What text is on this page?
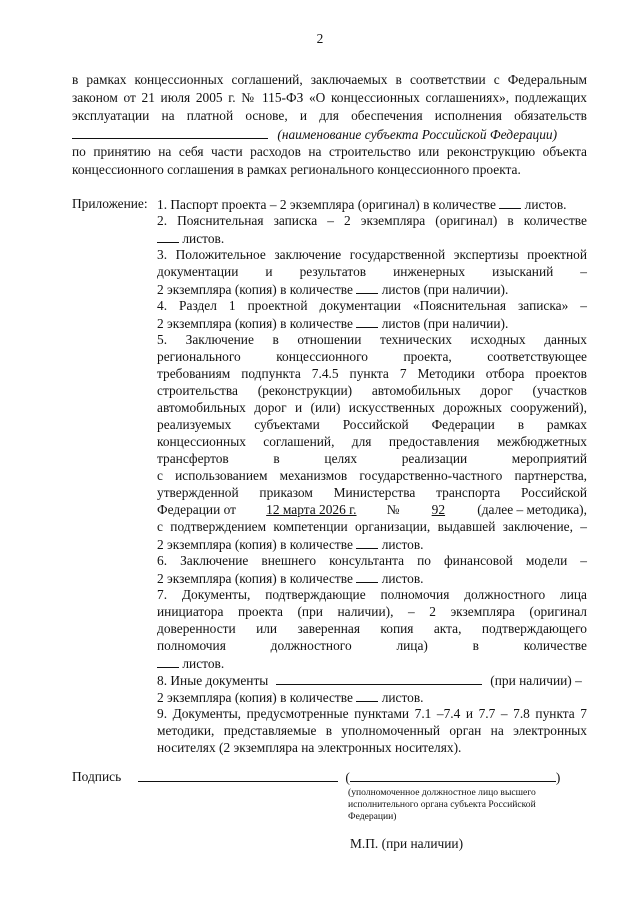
2
в рамках концессионных соглашений, заключаемых в соответствии с Федеральным
законом от 21 июля 2005 г. № 115-ФЗ «О концессионных соглашениях», подлежащих
эксплуатации на платной основе, и для обеспечения исполнения обязательств
(наименование субъекта Российской Федерации)
по принятию на себя части расходов на строительство или реконструкцию объекта
концессионного соглашения в рамках регионального концессионного проекта.
Приложение: 1. Паспорт проекта – 2 экземпляра (оригинал) в количестве листов.
2. Пояснительная записка – 2 экземпляра (оригинал) в количестве
листов.
3. Положительное заключение государственной экспертизы проектной
документации и результатов инженерных изысканий –
2 экземпляра (копия) в количестве листов (при наличии).
4. Раздел 1 проектной документации «Пояснительная записка» –
2 экземпляра (копия) в количестве листов (при наличии).
5. Заключение в отношении технических исходных данных
регионального концессионного проекта, соответствующее
требованиям подпункта 7.4.5 пункта 7 Методики отбора проектов
строительства (реконструкции) автомобильных дорог (участков
автомобильных дорог и (или) искусственных дорожных сооружений),
реализуемых субъектами Российской Федерации в рамках
концессионных соглашений, для предоставления межбюджетных
трансфертов в целях реализации мероприятий
с использованием механизмов государственно-частного партнерства,
утвержденной приказом Министерства транспорта Российской
Федерации от 12 марта 2026 г. №	92	(далее – методика),
с подтверждением компетенции организации, выдавшей заключение, –
2 экземпляра (копия) в количестве листов.
6. Заключение внешнего консультанта по финансовой модели –
2 экземпляра (копия) в количестве листов.
7. Документы, подтверждающие полномочия должностного лица
инициатора проекта (при наличии), – 2 экземпляра (оригинал
доверенности или заверенная копия акта, подтверждающего
полномочия должностного лица) в количестве
листов.
8. Иные документы	(при наличии) –
2 экземпляра (копия) в количестве листов.
9. Документы, предусмотренные пунктами 7.1 –7.4 и 7.7 – 7.8 пункта 7
методики, представляемые в уполномоченный орган на электронных
носителях (2 экземпляра на электронных носителях).
Подпись	(	)
(уполномоченное должностное лицо высшего
исполнительного органа субъекта Российской
Федерации)
М.П. (при наличии)
